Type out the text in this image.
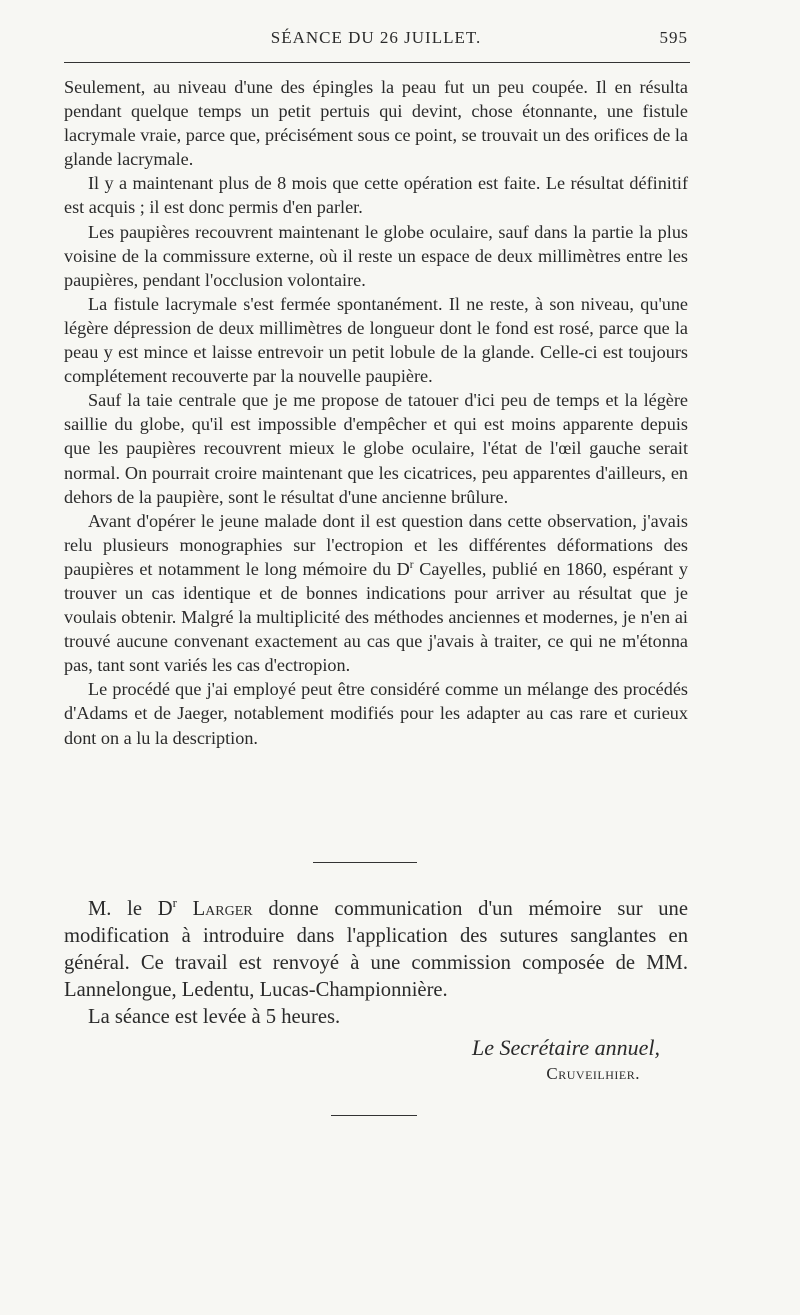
SÉANCE DU 26 JUILLET.	595

Seulement, au niveau d'une des épingles la peau fut un peu coupée. Il en résulta pendant quelque temps un petit pertuis qui devint, chose étonnante, une fistule lacrymale vraie, parce que, précisément sous ce point, se trouvait un des orifices de la glande lacrymale.

Il y a maintenant plus de 8 mois que cette opération est faite. Le résultat définitif est acquis ; il est donc permis d'en parler.

Les paupières recouvrent maintenant le globe oculaire, sauf dans la partie la plus voisine de la commissure externe, où il reste un espace de deux millimètres entre les paupières, pendant l'occlusion volontaire.

La fistule lacrymale s'est fermée spontanément. Il ne reste, à son niveau, qu'une légère dépression de deux millimètres de longueur dont le fond est rosé, parce que la peau y est mince et laisse entrevoir un petit lobule de la glande. Celle-ci est toujours complétement recouverte par la nouvelle paupière.

Sauf la taie centrale que je me propose de tatouer d'ici peu de temps et la légère saillie du globe, qu'il est impossible d'empêcher et qui est moins apparente depuis que les paupières recouvrent mieux le globe oculaire, l'état de l'œil gauche serait normal. On pourrait croire maintenant que les cicatrices, peu apparentes d'ailleurs, en dehors de la paupière, sont le résultat d'une ancienne brûlure.

Avant d'opérer le jeune malade dont il est question dans cette observation, j'avais relu plusieurs monographies sur l'ectropion et les différentes déformations des paupières et notamment le long mémoire du $D^r$ Cayelles, publié en 1860, espérant y trouver un cas identique et de bonnes indications pour arriver au résultat que je voulais obtenir. Malgré la multiplicité des méthodes anciennes et modernes, je n'en ai trouvé aucune convenant exactement au cas que j'avais à traiter, ce qui ne m'étonna pas, tant sont variés les cas d'ectropion.

Le procédé que j'ai employé peut être considéré comme un mélange des procédés d'Adams et de Jaeger, notablement modifiés pour les adapter au cas rare et curieux dont on a lu la description.

M. le $D^r$ Larger donne communication d'un mémoire sur une modification à introduire dans l'application des sutures sanglantes en général. Ce travail est renvoyé à une commission composée de MM. Lannelongue, Ledentu, Lucas-Championnière.

La séance est levée à 5 heures.

Le Secrétaire annuel,
Cruveilhier.
